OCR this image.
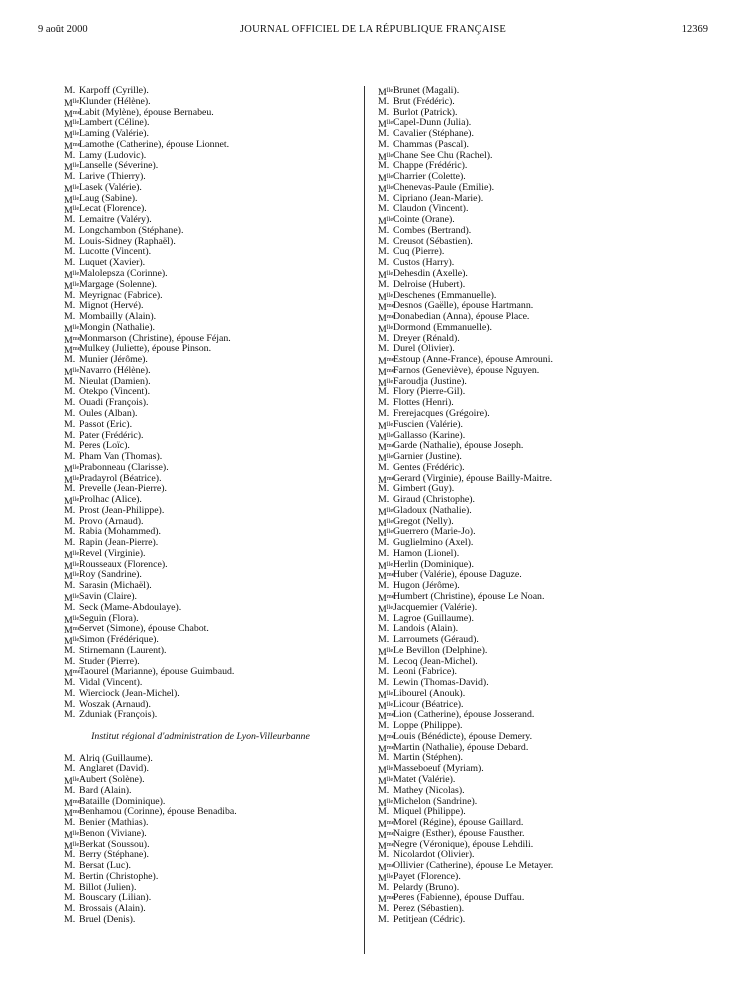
9 août 2000	JOURNAL OFFICIEL DE LA RÉPUBLIQUE FRANÇAISE	12369
M. Karpoff (Cyrille).
$M^{lle}$ Klunder (Hélène).
$M^{me}$
Labit (Mylène), épouse Bernabeu.
$M^{lle}$ Lambert (Céline).
$M^{lle}$ Laming (Valérie).
$M^{me}$
Lamothe (Catherine), épouse Lionnet.
M. Lamy (Ludovic).
$M^{lle}$ Lanselle (Séverine).
M. Larive (Thierry).
$M^{lle}$ Lasek (Valérie).
$M^{lle}$ Laug (Sabine).
$M^{lle}$ Lecat (Florence).
M. Lemaitre (Valéry).
M. Longchambon (Stéphane).
M. Louis-Sidney (Raphaël).
M. Lucotte (Vincent).
M. Luquet (Xavier).
$M^{lle}$ Malolepsza (Corinne).
$M^{lle}$ Margage (Solenne).
M. Meyrignac (Fabrice).
M. Mignot (Hervé).
M. Mombailly (Alain).
$M^{lle}$ Mongin (Nathalie).
$M^{me}$
Monmarson (Christine), épouse Féjan.
$M^{me}$
Mulkey (Juliette), épouse Pinson.
M. Munier (Jérôme).
$M^{lle}$ Navarro (Hélène).
M. Nieulat (Damien).
M. Otekpo (Vincent).
M. Ouadi (François).
M. Oules (Alban).
M. Passot (Eric).
M. Pater (Frédéric).
M. Peres (Loïc).
M. Pham Van (Thomas).
$M^{lle}$ Prabonneau (Clarisse).
$M^{lle}$ Pradayrol (Béatrice).
M. Prevelle (Jean-Pierre).
$M^{lle}$ Prolhac (Alice).
M. Prost (Jean-Philippe).
M. Provo (Arnaud).
M. Rabia (Mohammed).
M. Rapin (Jean-Pierre).
$M^{lle}$ Revel (Virginie).
$M^{lle}$ Rousseaux (Florence).
$M^{lle}$ Roy (Sandrine).
M. Sarasin (Michaël).
$M^{lle}$ Savin (Claire).
M. Seck (Mame-Abdoulaye).
$M^{lle}$ Seguin (Flora).
$M^{me}$
Servet (Simone), épouse Chabot.
$M^{lle}$ Simon (Frédérique).
M. Stirnemann (Laurent).
M. Studer (Pierre).
$M^{me}$
Taourel (Marianne), épouse Guimbaud.
M. Vidal (Vincent).
M. Wierciock (Jean-Michel).
M. Woszak (Arnaud).
M. Zduniak (François).
Institut régional d'administration de Lyon-Villeurbanne
M. Alriq (Guillaume).
M. Anglaret (David).
$M^{lle}$ Aubert (Solène).
M. Bard (Alain).
$M^{me}$
Bataille (Dominique).
$M^{me}$
Benhamou (Corinne), épouse Benadiba.
M. Benier (Mathias).
$M^{lle}$ Benon (Viviane).
$M^{lle}$ Berkat (Soussou).
M. Berry (Stéphane).
M. Bersat (Luc).
M. Bertin (Christophe).
M. Billot (Julien).
M. Bouscary (Lilian).
M. Brossais (Alain).
M. Bruel (Denis).
$M^{lle}$ Brunet (Magali).
M. Brut (Frédéric).
M. Burlot (Patrick).
$M^{lle}$ Capel-Dunn (Julia).
M. Cavalier (Stéphane).
M. Chammas (Pascal).
$M^{lle}$ Chane See Chu (Rachel).
M. Chappe (Frédéric).
$M^{lle}$ Charrier (Colette).
$M^{lle}$ Chenevas-Paule (Emilie).
M. Cipriano (Jean-Marie).
M. Claudon (Vincent).
$M^{lle}$ Cointe (Orane).
M. Combes (Bertrand).
M. Creusot (Sébastien).
M. Cuq (Pierre).
M. Custos (Harry).
$M^{lle}$ Dehesdin (Axelle).
M. Delroise (Hubert).
$M^{lle}$ Deschenes (Emmanuelle).
$M^{me}$
Desnos (Gaëlle), épouse Hartmann.
$M^{me}$
Donabedian (Anna), épouse Place.
$M^{lle}$ Dormond (Emmanuelle).
M. Dreyer (Rénald).
M. Durel (Olivier).
$M^{me}$
Estoup (Anne-France), épouse Amrouni.
$M^{me}$
Farnos (Geneviève), épouse Nguyen.
$M^{lle}$ Faroudja (Justine).
M. Flory (Pierre-Gil).
M. Flottes (Henri).
M. Frerejacques (Grégoire).
$M^{lle}$ Fuscien (Valérie).
$M^{lle}$ Gallasso (Karine).
$M^{me}$
Garde (Nathalie), épouse Joseph.
$M^{lle}$ Garnier (Justine).
M. Gentes (Frédéric).
$M^{me}$
Gerard (Virginie), épouse Bailly-Maitre.
M. Gimbert (Guy).
M. Giraud (Christophe).
$M^{lle}$ Gladoux (Nathalie).
$M^{lle}$ Gregot (Nelly).
$M^{lle}$ Guerrero (Marie-Jo).
M. Guglielmino (Axel).
M. Hamon (Lionel).
$M^{lle}$ Herlin (Dominique).
$M^{me}$
Huber (Valérie), épouse Daguze.
M. Hugon (Jérôme).
$M^{me}$
Humbert (Christine), épouse Le Noan.
$M^{lle}$ Jacquemier (Valérie).
M. Lagroe (Guillaume).
M. Landois (Alain).
M. Larroumets (Géraud).
$M^{lle}$ Le Bevillon (Delphine).
M. Lecoq (Jean-Michel).
M. Leoni (Fabrice).
M. Lewin (Thomas-David).
$M^{lle}$ Libourel (Anouk).
$M^{lle}$ Licour (Béatrice).
$M^{me}$
Lion (Catherine), épouse Josserand.
M. Loppe (Philippe).
$M^{me}$
Louis (Bénédicte), épouse Demery.
$M^{me}$
Martin (Nathalie), épouse Debard.
M. Martin (Stéphen).
$M^{lle}$ Masseboeuf (Myriam).
$M^{lle}$ Matet (Valérie).
M. Mathey (Nicolas).
$M^{lle}$ Michelon (Sandrine).
M. Miquel (Philippe).
$M^{me}$
Morel (Régine), épouse Gaillard.
$M^{me}$
Naigre (Esther), épouse Fausther.
$M^{me}$
Negre (Véronique), épouse Lehdili.
M. Nicolardot (Olivier).
$M^{me}$
Ollivier (Catherine), épouse Le Metayer.
$M^{lle}$ Payet (Florence).
M. Pelardy (Bruno).
$M^{me}$
Peres (Fabienne), épouse Duffau.
M. Perez (Sébastien).
M. Petitjean (Cédric).
